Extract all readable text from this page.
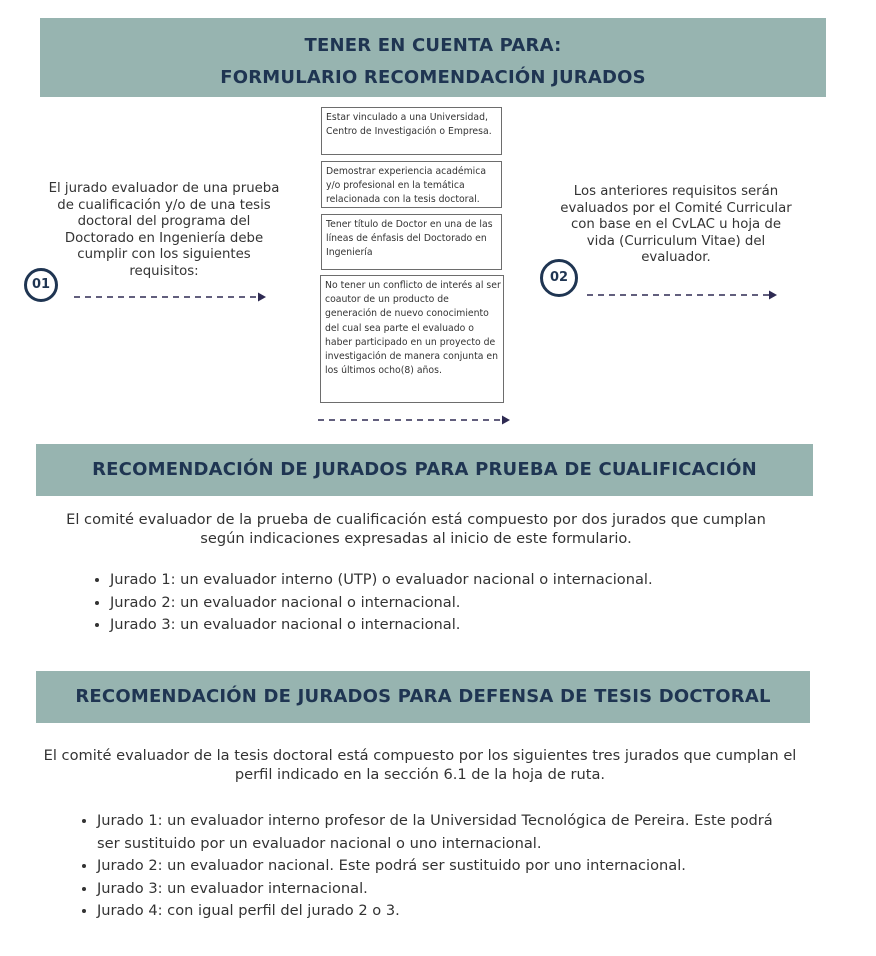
TENER EN CUENTA PARA:
FORMULARIO RECOMENDACIÓN JURADOS
El jurado evaluador de una prueba de cualificación y/o de una tesis doctoral del programa del Doctorado en Ingeniería debe cumplir con los siguientes requisitos:
01
Estar vinculado a una Universidad, Centro de Investigación o Empresa.
Demostrar experiencia académica y/o profesional en la temática relacionada con la tesis doctoral.
Tener título de Doctor en una de las líneas de énfasis del Doctorado en Ingeniería
No tener un conflicto de interés al ser coautor de un producto de generación de nuevo conocimiento del cual sea parte el evaluado o haber participado en un proyecto de investigación de manera conjunta en los últimos ocho(8) años.
Los anteriores requisitos serán evaluados por el Comité Curricular con base en el CvLAC u hoja de vida (Curriculum Vitae) del evaluador.
02
RECOMENDACIÓN DE JURADOS PARA PRUEBA DE CUALIFICACIÓN
El comité evaluador de la prueba de cualificación está compuesto por dos jurados que cumplan según indicaciones expresadas al inicio de este formulario.
• Jurado 1: un evaluador interno (UTP) o evaluador nacional o internacional.
• Jurado 2: un evaluador nacional o internacional.
• Jurado 3: un evaluador nacional o internacional.
RECOMENDACIÓN DE JURADOS PARA DEFENSA DE TESIS DOCTORAL
El comité evaluador de la tesis doctoral está compuesto por los siguientes tres jurados que cumplan el perfil indicado en la sección 6.1 de la hoja de ruta.
• Jurado 1: un evaluador interno profesor de la Universidad Tecnológica de Pereira. Este podrá ser sustituido por un evaluador nacional o uno internacional.
• Jurado 2: un evaluador nacional. Este podrá ser sustituido por uno internacional.
• Jurado 3: un evaluador internacional.
• Jurado 4: con igual perfil del jurado 2 o 3.
